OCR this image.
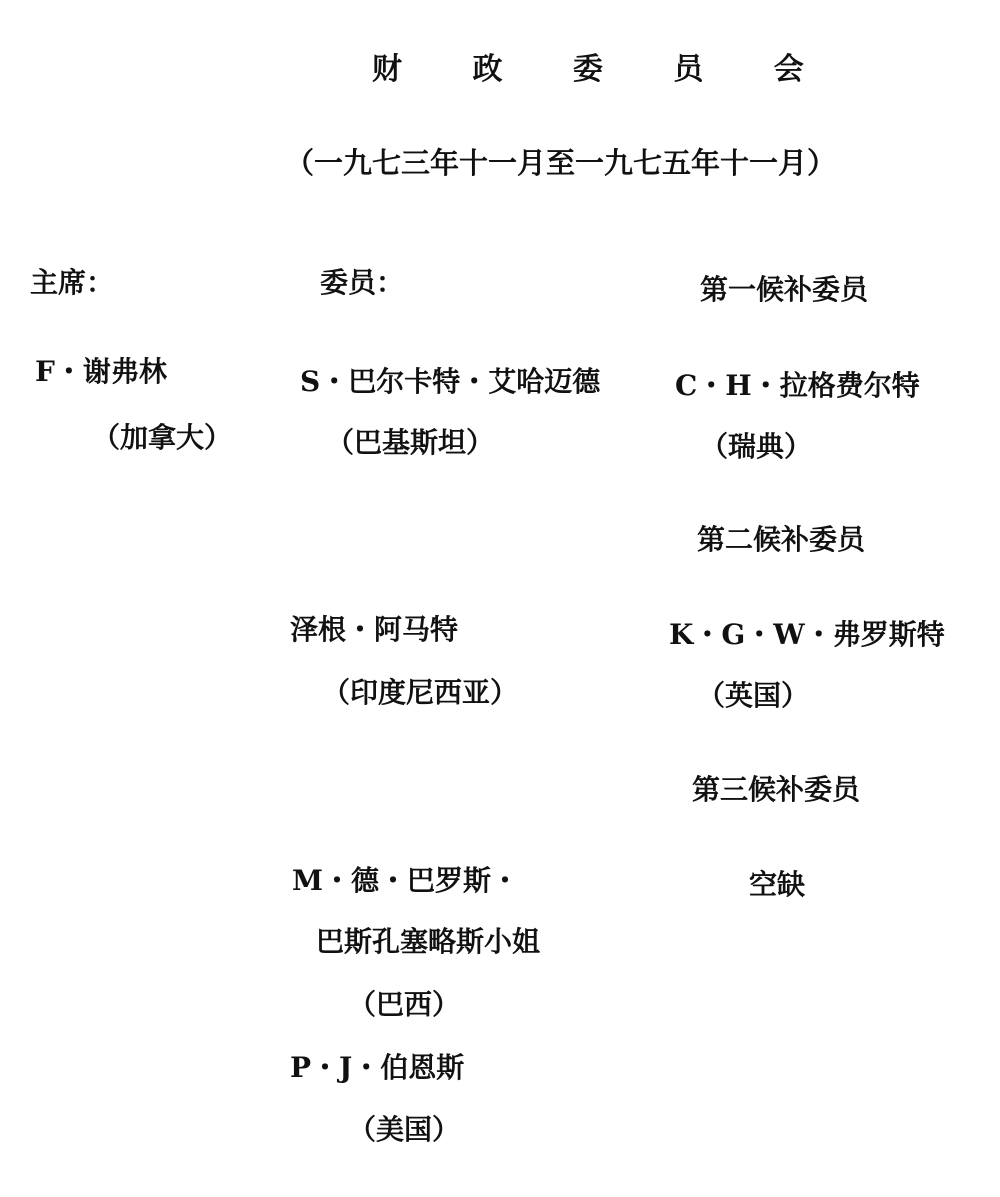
财 政 委 员 会
（一九七三年十一月至一九七五年十一月）
主席：
F・谢弗林
（加拿大）
委员：
S・巴尔卡特・艾哈迈德
（巴基斯坦）
泽根・阿马特
（印度尼西亚）
M・德・巴罗斯・
巴斯孔塞略斯小姐
（巴西）
P・J・伯恩斯
（美国）
第一候补委员
C・H・拉格费尔特
（瑞典）
第二候补委员
K・G・W・弗罗斯特
（英国）
第三候补委员
空缺
